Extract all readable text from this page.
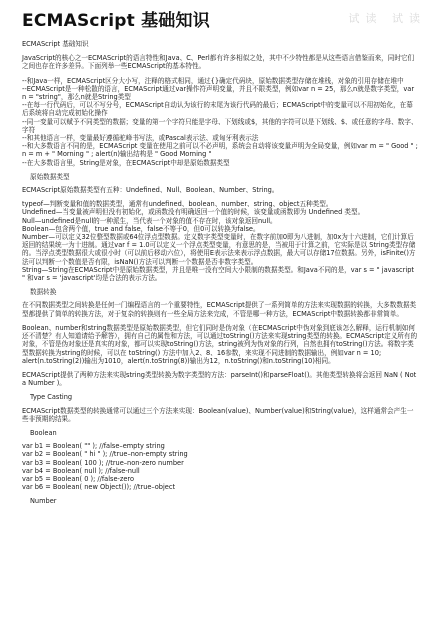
ECMAScript 基础知识	试读 试读

ECMAScript 基础知识

JavaScript的核心之一ECMAScript的语言特性和Java、C、Perl都有许多相似之处，其中不少特性都是从这些语言借鉴而来，同时它们之间也存在许多差异。下面列举一些ECMAScript的基本特性。

--和Java一样，ECMAScript区分大小写，注释的格式相同，通过{}确定代码块，原始数据类型存储在堆栈，对象的引用存储在堆中
--ECMAScript是一种松散的语言，ECMAScript通过var操作符声明变量，并且不限类型，例如var n = 25，那么n就是数字类型，var n = "string"，那么n就是String类型
--在每一行代码后，可以不写分号，ECMAScript自动认为该行的末尾为该行代码的最后；ECMAScript中的变量可以不用初始化，在幕后系统将自动完成初始化操作
--同一变量可以赋予不同类型的数据；变量的第一个字符只能是字母、下划线或$，其他的字符可以是下划线、$、或任意的字母、数字、字符
--和其他语言一样，变量最好遵循驼峰书写法，或Pascal表示法、或匈牙利表示法
--和大多数语言不同的是，ECMAScript 变量在使用之前可以不必声明，系统会自动将该变量声明为全局变量，例如var m = " Good " ; n = m + " Morning " ; alert(n)输出结构是 " Good Morning "
--在大多数语言里，String是对象，在ECMAScript中却是原始数据类型

原始数据类型

ECMAScript原始数据类型有五种：Undefined、Null、Boolean、Number、String。

typeof—判断变量和值的数据类型，通常有undefined、boolean、number、string、object五种类型。
Undefined—当变量被声明但没有初始化，或函数没有明确返回一个值的时候，该变量或函数即为 Undefined 类型。
Null—undefined是null的一种派生，当代表一个对象的值不存在时，该对象返回null。
Boolean—包含两个值，true and false，false不等于0，但0可以转换为false。
Number—可以定义32位整型数据或64位浮点型数据。定义数字类型变量时，在数字前加0即为八进制，加0x为十六进制，它们计算后返回的结果统一为十进制。通过var f = 1.0可以定义一个浮点类型变量，有意思的是，当被用于计算之前，它实际是以 String类型存储的。当浮点类型数据很大或很小时（可以前后移动六位），将使用E表示法来表示浮点数据，最大可以存储17位数据。另外，isFinite()方法可以判断一个数值是否有限，isNaN()方法可以判断一个数据是否非数字类型。
String—String在ECMAScript中是原始数据类型，并且是唯一没有空间大小限制的数据类型。和Java不同的是，var s = " javascript " 和var s = 'javascript'均是合法的表示方法。

数据转换

在不同数据类型之间转换是任何一门编程语言的一个重要特性，ECMAScript提供了一系列简单的方法来实现数据的转换，大多数数据类型都提供了简单的转换方法，对于复杂的转换则有一些全局方法来完成，不管是哪一种方法，ECMAScript中数据转换都非常简单。

Boolean、number和string数据类型是原始数据类型，但它们同时是伪对象（在ECMAScript中伪对象到底该怎么解释，运行机制如何还不清楚？有人知道请给予解答），拥有自己的属性和方法，可以通过toString()方法来实现string类型的转换。ECMAScript定义所有的对象，不管是伪对象还是真实的对象，都可以实现toString()方法，string被列为伪对象的行列，自然也拥有toString()方法。将数字类型数据转换为string的时候，可以在 toString() 方法中加入2、8、16参数，来实现不同进制的数据输出，例如var n = 10; alert(n.toString(2))输出为1010，alert(n.toString(8))输出为12，n.toString()和n.toString(10)相同。

ECMAScript提供了两种方法来实现string类型转换为数字类型的方法：parseInt()和parseFloat()。其他类型转换将会返回 NaN ( Not a Number )。

Type Casting

ECMAScript数据类型的转换通常可以通过三个方法来实现：Boolean(value)、Number(value)和String(value)，这样通常会产生一些非预期的结果。

Boolean

var b1 = Boolean( "" ); //false–empty string
var b2 = Boolean( " hi " ); //true–non-empty string
var b3 = Boolean( 100 ); //true–non-zero number
var b4 = Boolean( null ); //false-null
var b5 = Boolean( 0 ); //false-zero
var b6 = Boolean( new Object()); //true–object

Number
